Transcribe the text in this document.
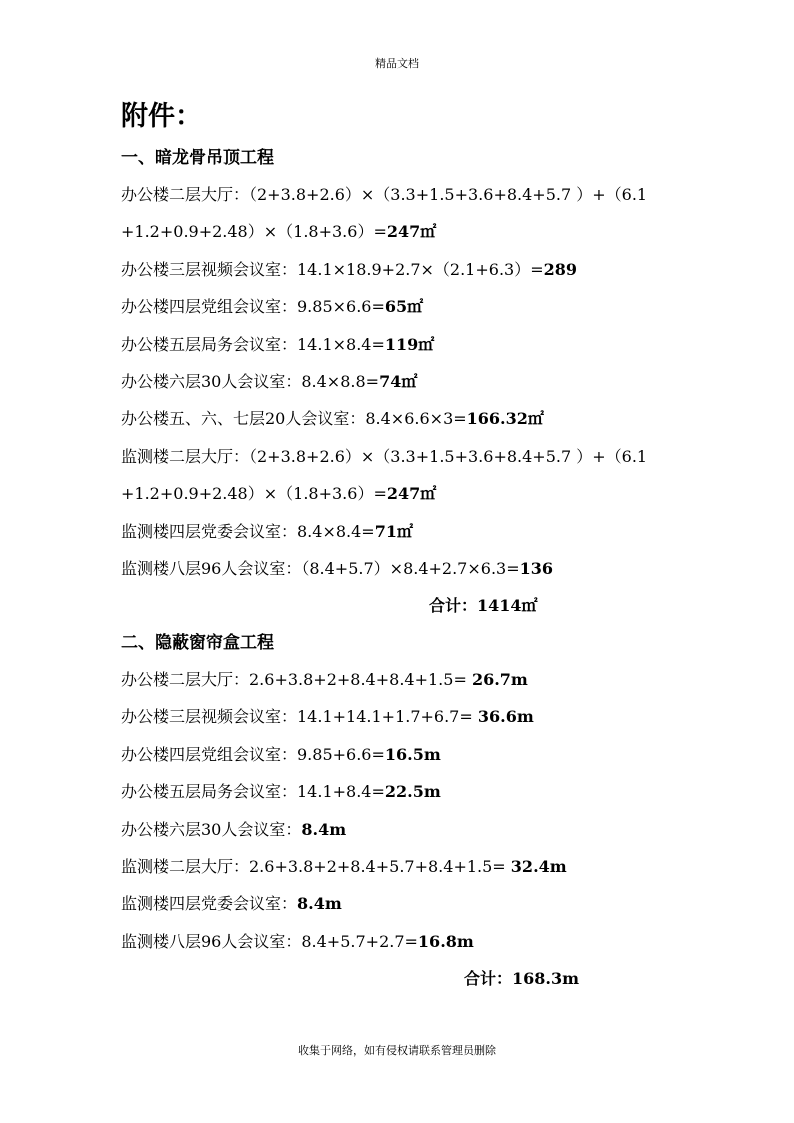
精品文档
附件：
一、暗龙骨吊顶工程
办公楼二层大厅：（2+3.8+2.6）×（3.3+1.5+3.6+8.4+5.7 ）+（6.1
+1.2+0.9+2.48）×（1.8+3.6）=247㎡
办公楼三层视频会议室：14.1×18.9+2.7×（2.1+6.3）=289
办公楼四层党组会议室：9.85×6.6=65㎡
办公楼五层局务会议室：14.1×8.4=119㎡
办公楼六层30人会议室：8.4×8.8=74㎡
办公楼五、六、七层20人会议室：8.4×6.6×3=166.32㎡
监测楼二层大厅：（2+3.8+2.6）×（3.3+1.5+3.6+8.4+5.7 ）+（6.1
+1.2+0.9+2.48）×（1.8+3.6）=247㎡
监测楼四层党委会议室：8.4×8.4=71㎡
监测楼八层96人会议室：（8.4+5.7）×8.4+2.7×6.3=136
合计：1414㎡
二、隐蔽窗帘盒工程
办公楼二层大厅：2.6+3.8+2+8.4+8.4+1.5= 26.7m
办公楼三层视频会议室：14.1+14.1+1.7+6.7= 36.6m
办公楼四层党组会议室：9.85+6.6=16.5m
办公楼五层局务会议室：14.1+8.4=22.5m
办公楼六层30人会议室：8.4m
监测楼二层大厅：2.6+3.8+2+8.4+5.7+8.4+1.5= 32.4m
监测楼四层党委会议室：8.4m
监测楼八层96人会议室：8.4+5.7+2.7=16.8m
合计：168.3m
收集于网络，如有侵权请联系管理员删除
